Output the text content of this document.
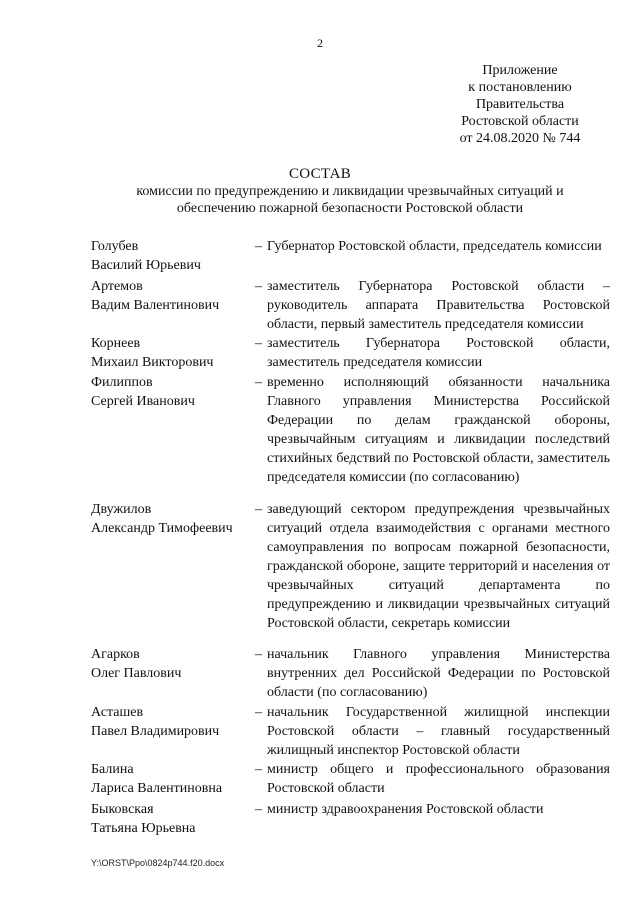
2
Приложение
к постановлению
Правительства
Ростовской области
от 24.08.2020 № 744
СОСТАВ
комиссии по предупреждению и ликвидации чрезвычайных ситуаций и обеспечению пожарной безопасности Ростовской области
Голубев
Василий Юрьевич
– Губернатор Ростовской области, председатель комиссии
Артемов
Вадим Валентинович
– заместитель Губернатора Ростовской области – руководитель аппарата Правительства Ростовской области, первый заместитель председателя комиссии
Корнеев
Михаил Викторович
– заместитель Губернатора Ростовской области, заместитель председателя комиссии
Филиппов
Сергей Иванович
– временно исполняющий обязанности начальника Главного управления Министерства Российской Федерации по делам гражданской обороны, чрезвычайным ситуациям и ликвидации последствий стихийных бедствий по Ростовской области, заместитель председателя комиссии (по согласованию)
Двужилов
Александр Тимофеевич
– заведующий сектором предупреждения чрезвычайных ситуаций отдела взаимодействия с органами местного самоуправления по вопросам пожарной безопасности, гражданской обороне, защите территорий и населения от чрезвычайных ситуаций департамента по предупреждению и ликвидации чрезвычайных ситуаций Ростовской области, секретарь комиссии
Агарков
Олег Павлович
– начальник Главного управления Министерства внутренних дел Российской Федерации по Ростовской области (по согласованию)
Асташев
Павел Владимирович
– начальник Государственной жилищной инспекции Ростовской области – главный государственный жилищный инспектор Ростовской области
Балина
Лариса Валентиновна
– министр общего и профессионального образования Ростовской области
Быковская
Татьяна Юрьевна
– министр здравоохранения Ростовской области
Y:\ORST\Ppo\0824p744.f20.docx
